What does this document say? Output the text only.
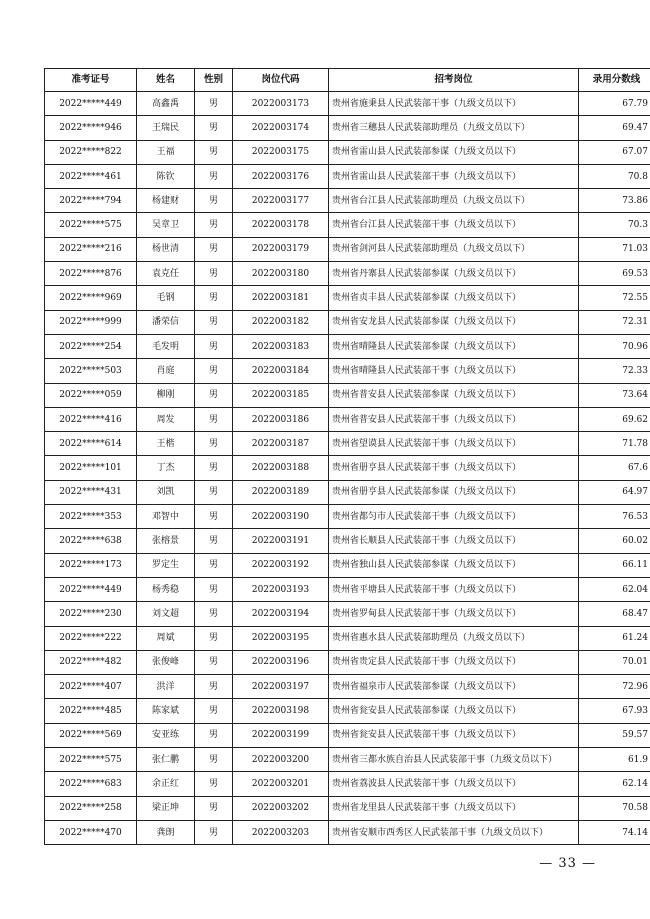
准考证号	姓名	性别	岗位代码	招考岗位	录用分数线
2022*****449	高鑫禹	男	2022003173	贵州省施秉县人民武装部干事（九级文员以下）	67.79
2022*****946	王瑞民	男	2022003174	贵州省三穗县人民武装部助理员（九级文员以下）	69.47
2022*****822	王福	男	2022003175	贵州省雷山县人民武装部参谋（九级文员以下）	67.07
2022*****461	陈钦	男	2022003176	贵州省雷山县人民武装部干事（九级文员以下）	70.8
2022*****794	杨建财	男	2022003177	贵州省台江县人民武装部助理员（九级文员以下）	73.86
2022*****575	吴章卫	男	2022003178	贵州省台江县人民武装部干事（九级文员以下）	70.3
2022*****216	杨世清	男	2022003179	贵州省剑河县人民武装部助理员（九级文员以下）	71.03
2022*****876	袁克任	男	2022003180	贵州省丹寨县人民武装部参谋（九级文员以下）	69.53
2022*****969	毛钢	男	2022003181	贵州省贞丰县人民武装部参谋（九级文员以下）	72.55
2022*****999	潘荣信	男	2022003182	贵州省安龙县人民武装部参谋（九级文员以下）	72.31
2022*****254	毛发明	男	2022003183	贵州省晴隆县人民武装部参谋（九级文员以下）	70.96
2022*****503	肖庭	男	2022003184	贵州省晴隆县人民武装部干事（九级文员以下）	72.33
2022*****059	柳刚	男	2022003185	贵州省普安县人民武装部参谋（九级文员以下）	73.64
2022*****416	周发	男	2022003186	贵州省普安县人民武装部干事（九级文员以下）	69.62
2022*****614	王楷	男	2022003187	贵州省望谟县人民武装部干事（九级文员以下）	71.78
2022*****101	丁杰	男	2022003188	贵州省册亨县人民武装部干事（九级文员以下）	67.6
2022*****431	刘凯	男	2022003189	贵州省册亨县人民武装部参谋（九级文员以下）	64.97
2022*****353	邓智中	男	2022003190	贵州省都匀市人民武装部干事（九级文员以下）	76.53
2022*****638	张榕景	男	2022003191	贵州省长顺县人民武装部干事（九级文员以下）	60.02
2022*****173	罗定生	男	2022003192	贵州省独山县人民武装部参谋（九级文员以下）	66.11
2022*****449	杨秀稳	男	2022003193	贵州省平塘县人民武装部干事（九级文员以下）	62.04
2022*****230	刘文超	男	2022003194	贵州省罗甸县人民武装部干事（九级文员以下）	68.47
2022*****222	周斌	男	2022003195	贵州省惠水县人民武装部助理员（九级文员以下）	61.24
2022*****482	张俊峰	男	2022003196	贵州省贵定县人民武装部干事（九级文员以下）	70.01
2022*****407	洪洋	男	2022003197	贵州省福泉市人民武装部参谋（九级文员以下）	72.96
2022*****485	陈家斌	男	2022003198	贵州省瓮安县人民武装部参谋（九级文员以下）	67.93
2022*****569	安亚练	男	2022003199	贵州省瓮安县人民武装部干事（九级文员以下）	59.57
2022*****575	张仁鹏	男	2022003200	贵州省三都水族自治县人民武装部干事（九级文员以下）	61.9
2022*****683	余正红	男	2022003201	贵州省荔波县人民武装部干事（九级文员以下）	62.14
2022*****258	梁正坤	男	2022003202	贵州省龙里县人民武装部干事（九级文员以下）	70.58
2022*****470	龚朗	男	2022003203	贵州省安顺市西秀区人民武装部干事（九级文员以下）	74.14
— 33 —
